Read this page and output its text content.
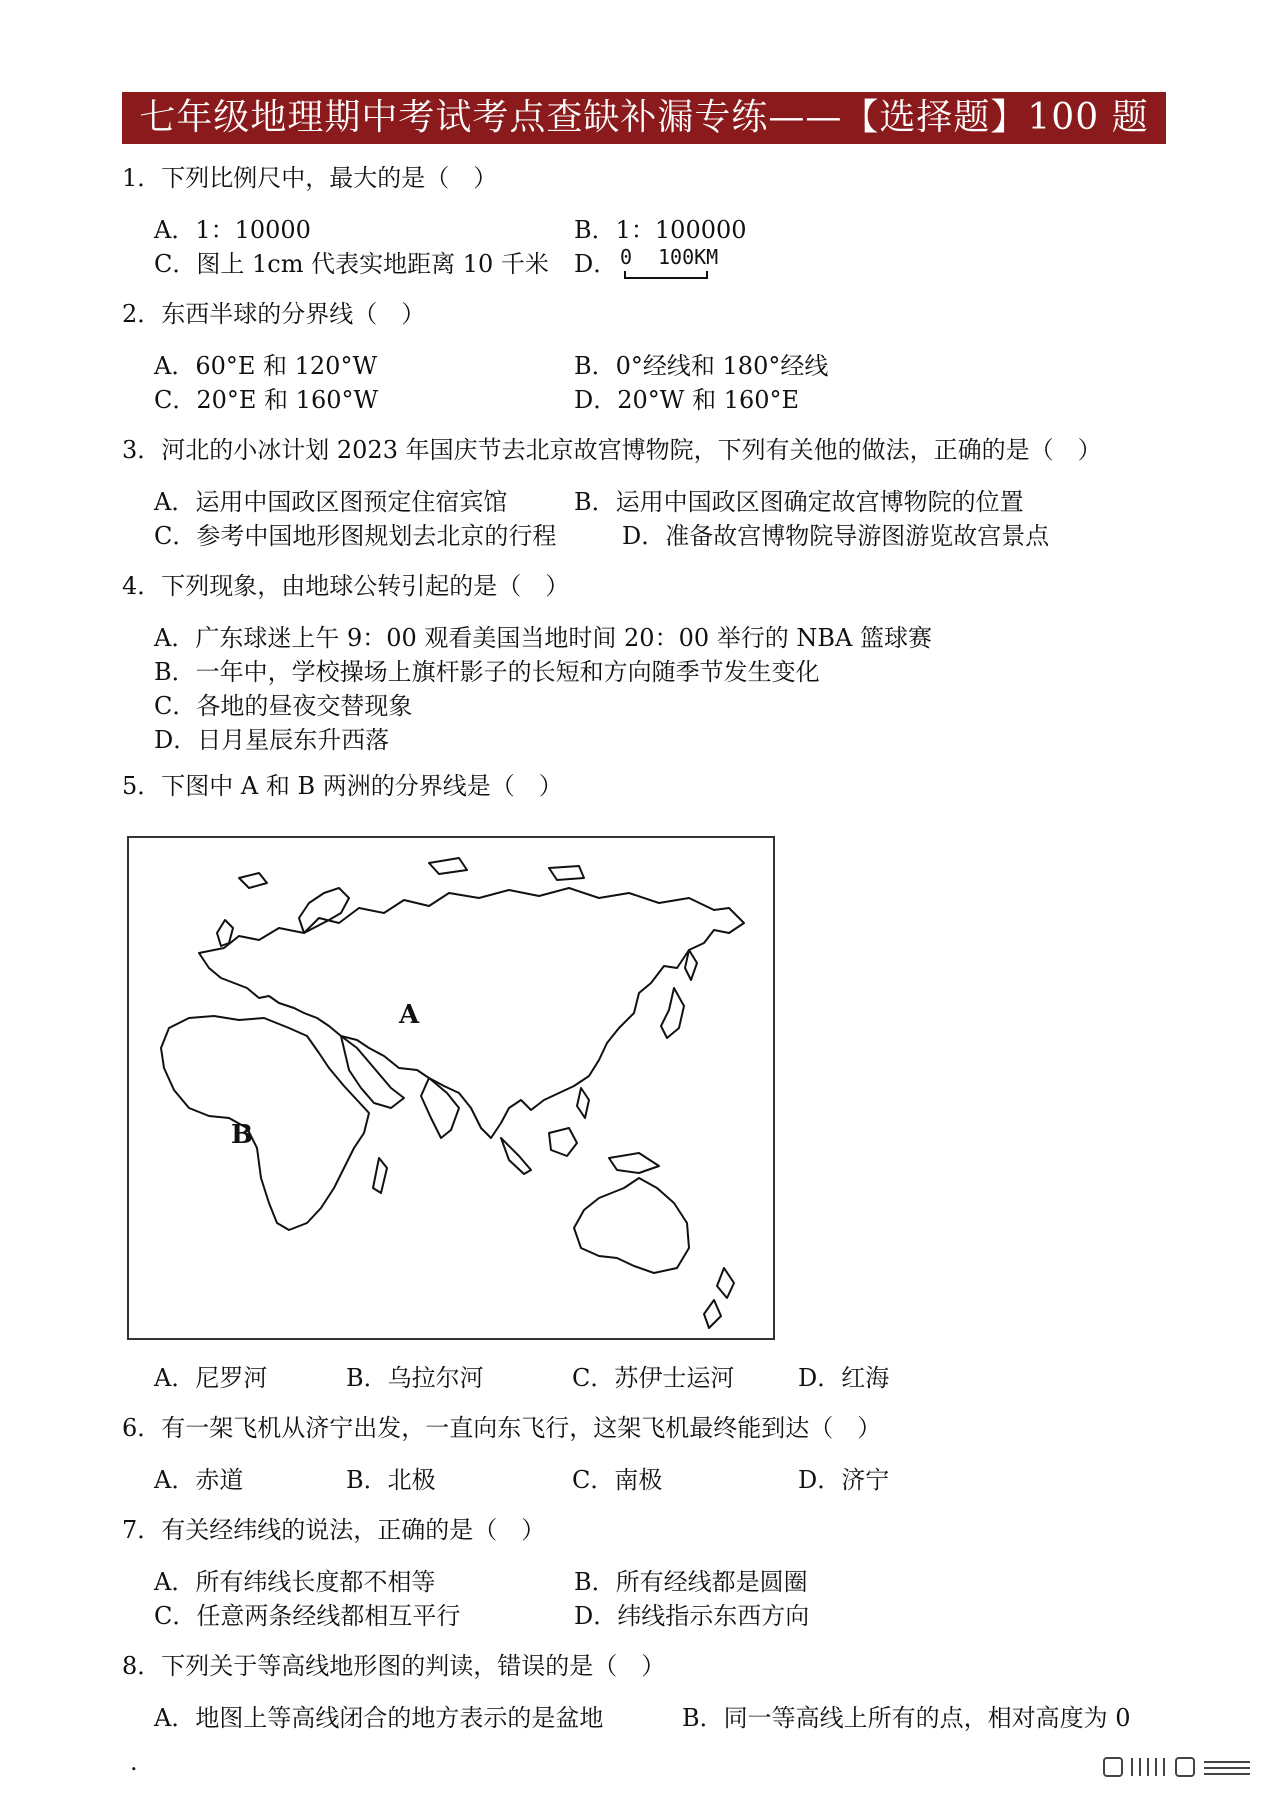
七年级地理期中考试考点查缺补漏专练——【选择题】100 题
1．下列比例尺中，最大的是（　）
A．1：10000	B．1：100000
C．图上 1cm 代表实地距离 10 千米 D． 0 100KM
2．东西半球的分界线（　）
A．60°E 和 120°W	B．0°经线和 180°经线
C．20°E 和 160°W	D．20°W 和 160°E
3．河北的小冰计划 2023 年国庆节去北京故宫博物院，下列有关他的做法，正确的是（　）
A．运用中国政区图预定住宿宾馆	B．运用中国政区图确定故宫博物院的位置
C．参考中国地形图规划去北京的行程	D．准备故宫博物院导游图游览故宫景点
4．下列现象，由地球公转引起的是（　）
A．广东球迷上午 9：00 观看美国当地时间 20：00 举行的 NBA 篮球赛
B．一年中，学校操场上旗杆影子的长短和方向随季节发生变化
C．各地的昼夜交替现象
D．日月星辰东升西落
5．下图中 A 和 B 两洲的分界线是（　）
A
B
A．尼罗河	B．乌拉尔河	C．苏伊士运河	D．红海
6．有一架飞机从济宁出发，一直向东飞行，这架飞机最终能到达（　）
A．赤道	B．北极	C．南极	D．济宁
7．有关经纬线的说法，正确的是（　）
A．所有纬线长度都不相等	B．所有经线都是圆圈
C．任意两条经线都相互平行	D．纬线指示东西方向
8．下列关于等高线地形图的判读，错误的是（　）
A．地图上等高线闭合的地方表示的是盆地	B．同一等高线上所有的点，相对高度为 0
.
